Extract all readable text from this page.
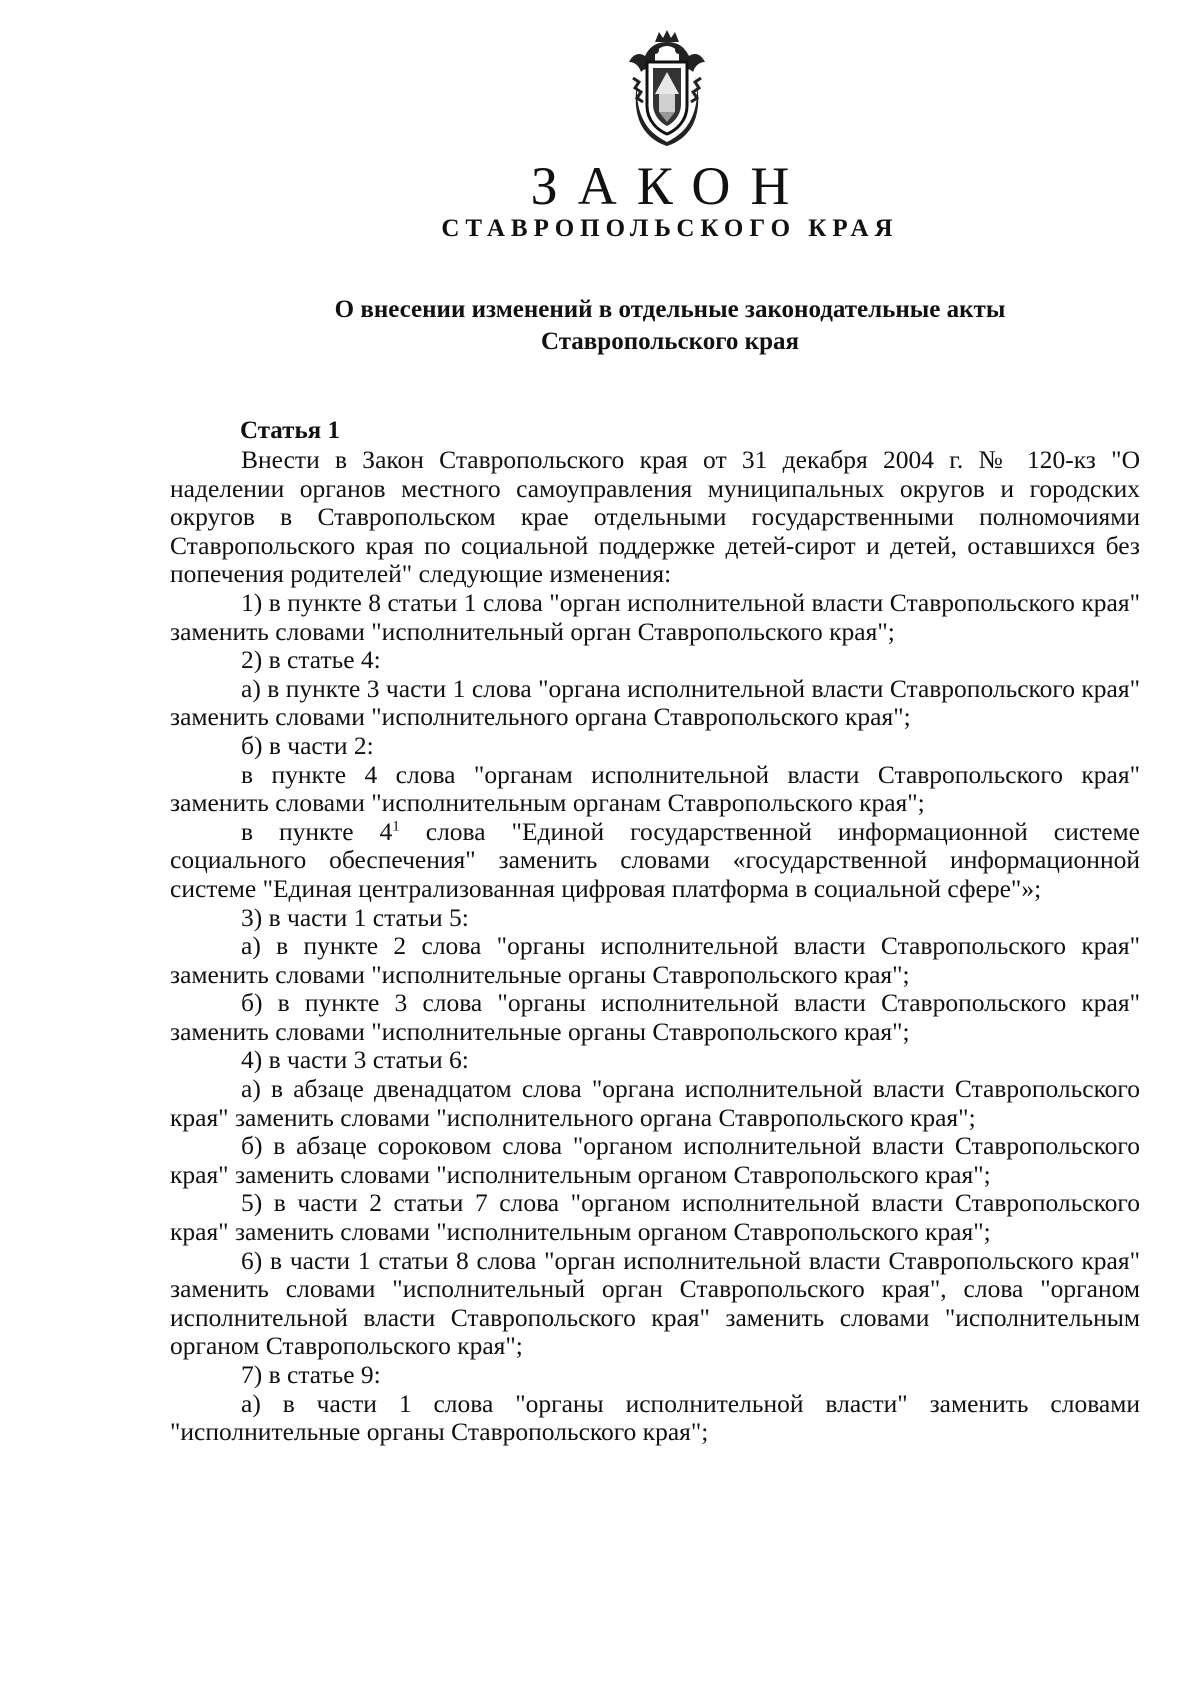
ЗАКОН
СТАВРОПОЛЬСКОГО КРАЯ
О внесении изменений в отдельные законодательные акты
Ставропольского края
Статья 1

Внести в Закон Ставропольского края от 31 декабря 2004 г. № 120-кз "О наделении органов местного самоуправления муниципальных округов и городских округов в Ставропольском крае отдельными государственными полномочиями Ставропольского края по социальной поддержке детей-сирот и детей, оставшихся без попечения родителей" следующие изменения:

1) в пункте 8 статьи 1 слова "орган исполнительной власти Ставропольского края" заменить словами "исполнительный орган Ставропольского края";

2) в статье 4:

а) в пункте 3 части 1 слова "органа исполнительной власти Ставропольского края" заменить словами "исполнительного органа Ставропольского края";

б) в части 2:

в пункте 4 слова "органам исполнительной власти Ставропольского края" заменить словами "исполнительным органам Ставропольского края";

в пункте $4^1$ слова "Единой государственной информационной системе социального обеспечения" заменить словами «государственной информационной системе "Единая централизованная цифровая платформа в социальной сфере"»;

3) в части 1 статьи 5:

а) в пункте 2 слова "органы исполнительной власти Ставропольского края" заменить словами "исполнительные органы Ставропольского края";

б) в пункте 3 слова "органы исполнительной власти Ставропольского края" заменить словами "исполнительные органы Ставропольского края";

4) в части 3 статьи 6:

а) в абзаце двенадцатом слова "органа исполнительной власти Ставропольского края" заменить словами "исполнительного органа Ставропольского края";

б) в абзаце сороковом слова "органом исполнительной власти Ставропольского края" заменить словами "исполнительным органом Ставропольского края";

5) в части 2 статьи 7 слова "органом исполнительной власти Ставропольского края" заменить словами "исполнительным органом Ставропольского края";

6) в части 1 статьи 8 слова "орган исполнительной власти Ставропольского края" заменить словами "исполнительный орган Ставропольского края", слова "органом исполнительной власти Ставропольского края" заменить словами "исполнительным органом Ставропольского края";

7) в статье 9:

а) в части 1 слова "органы исполнительной власти" заменить словами "исполнительные органы Ставропольского края";
